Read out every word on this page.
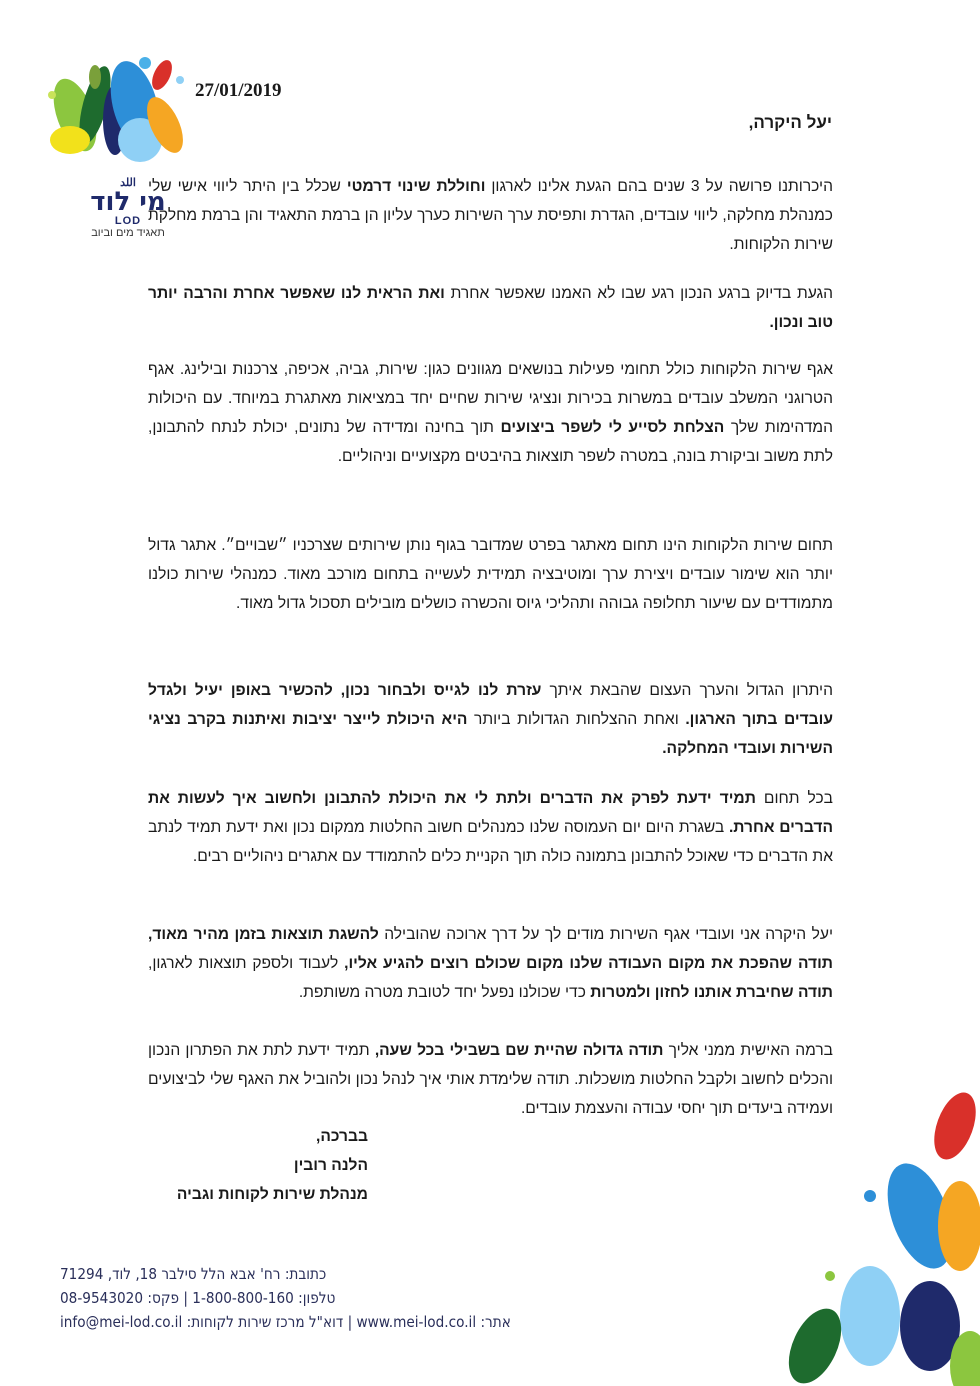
اللد
מי לוד
LOD
תאגיד מים וביוב
27/01/2019
יעל היקרה,
היכרותנו פרושה על 3 שנים בהם הגעת אלינו לארגון וחוללת שינוי דרמטי שכלל בין היתר ליווי אישי שלי כמנהלת מחלקה, ליווי עובדים, הגדרת ותפיסת ערך השירות כערך עליון הן ברמת התאגיד והן ברמת מחלקת שירות הלקוחות.
הגעת בדיוק ברגע הנכון רגע שבו לא האמנו שאפשר אחרת ואת הראית לנו שאפשר אחרת והרבה יותר טוב ונכון.
אגף שירות הלקוחות כולל תחומי פעילות בנושאים מגוונים כגון: שירות, גביה, אכיפה, צרכנות ובילינג. אגף הטרוגני המשלב עובדים במשרות בכירות ונציגי שירות שחיים יחד במציאות מאתגרת במיוחד. עם היכולות המדהימות שלך הצלחת לסייע לי לשפר ביצועים תוך בחינה ומדידה של נתונים, יכולת לנתח להתבונן, לתת משוב וביקורת בונה, במטרה לשפר תוצאות בהיבטים מקצועיים וניהוליים.
תחום שירות הלקוחות הינו תחום מאתגר בפרט שמדובר בגוף נותן שירותים שצרכניו ״שבויים״. אתגר גדול יותר הוא שימור עובדים ויצירת ערך ומוטיבציה תמידית לעשייה בתחום מורכב מאוד. כמנהלי שירות כולנו מתמודדים עם שיעור תחלופה גבוהה ותהליכי גיוס והכשרה כושלים מובילים תסכול גדול מאוד.
היתרון הגדול והערך העצום שהבאת איתך עזרת לנו לגייס ולבחור נכון, להכשיר באופן יעיל ולגדל עובדים בתוך הארגון. ואחת ההצלחות הגדולות ביותר היא היכולת לייצר יציבות ואיתנות בקרב נציגי השירות ועובדי המחלקה.
בכל תחום תמיד ידעת לפרק את הדברים ולתת לי את היכולת להתבונן ולחשוב איך לעשות את הדברים אחרת. בשגרת היום יום העמוסה שלנו כמנהלים חשוב החלטות ממקום נכון ואת ידעת תמיד לנתב את הדברים כדי שאוכל להתבונן בתמונה כולה תוך הקניית כלים להתמודד עם אתגרים ניהוליים רבים.
יעל היקרה אני ועובדי אגף השירות מודים לך על דרך ארוכה שהובילה להשגת תוצאות בזמן מהיר מאוד, תודה שהפכת את מקום העבודה שלנו מקום שכולם רוצים להגיע אליו, לעבוד ולספק תוצאות לארגון, תודה שחיברת אותנו לחזון ולמטרות כדי שכולנו נפעל יחד לטובת מטרה משותפת.
ברמה האישית ממני אליך תודה גדולה שהיית שם בשבילי בכל שעה, תמיד ידעת לתת את הפתרון הנכון והכלים לחשוב ולקבל החלטות מושכלות. תודה שלימדת אותי איך לנהל נכון ולהוביל את האגף שלי לביצועים ועמידה ביעדים תוך יחסי עבודה והעצמת עובדים.
בברכה,
הלנה רובין
מנהלת שירות לקוחות וגביה
כתובת: רח' אבא הלל סילבר 18, לוד, 71294
טלפון: 1-800-800-160 | פקס: 08-9543020
אתר: www.mei-lod.co.il | דוא"ל מרכז שירות לקוחות: info@mei-lod.co.il
